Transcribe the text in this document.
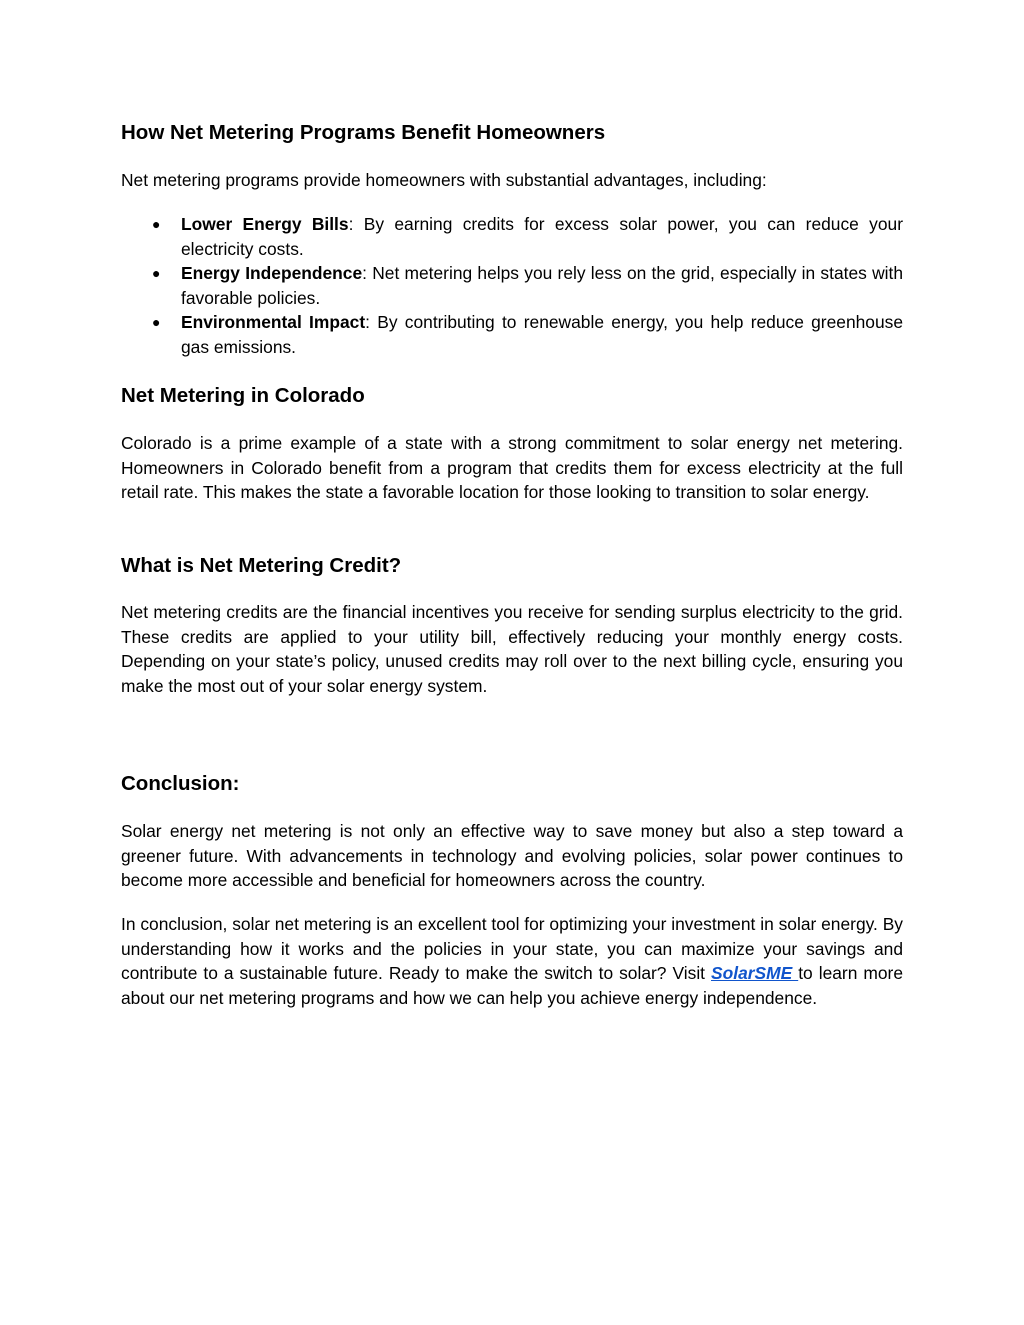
How Net Metering Programs Benefit Homeowners

Net metering programs provide homeowners with substantial advantages, including:

● Lower Energy Bills: By earning credits for excess solar power, you can reduce your electricity costs.
● Energy Independence: Net metering helps you rely less on the grid, especially in states with favorable policies.
● Environmental Impact: By contributing to renewable energy, you help reduce greenhouse gas emissions.
Net Metering in Colorado

Colorado is a prime example of a state with a strong commitment to solar energy net metering. Homeowners in Colorado benefit from a program that credits them for excess electricity at the full retail rate. This makes the state a favorable location for those looking to transition to solar energy.

What is Net Metering Credit?

Net metering credits are the financial incentives you receive for sending surplus electricity to the grid. These credits are applied to your utility bill, effectively reducing your monthly energy costs. Depending on your state’s policy, unused credits may roll over to the next billing cycle, ensuring you make the most out of your solar energy system.

Conclusion:

Solar energy net metering is not only an effective way to save money but also a step toward a greener future. With advancements in technology and evolving policies, solar power continues to become more accessible and beneficial for homeowners across the country.

In conclusion, solar net metering is an excellent tool for optimizing your investment in solar energy. By understanding how it works and the policies in your state, you can maximize your savings and contribute to a sustainable future. Ready to make the switch to solar? Visit SolarSME to learn more about our net metering programs and how we can help you achieve energy independence.
